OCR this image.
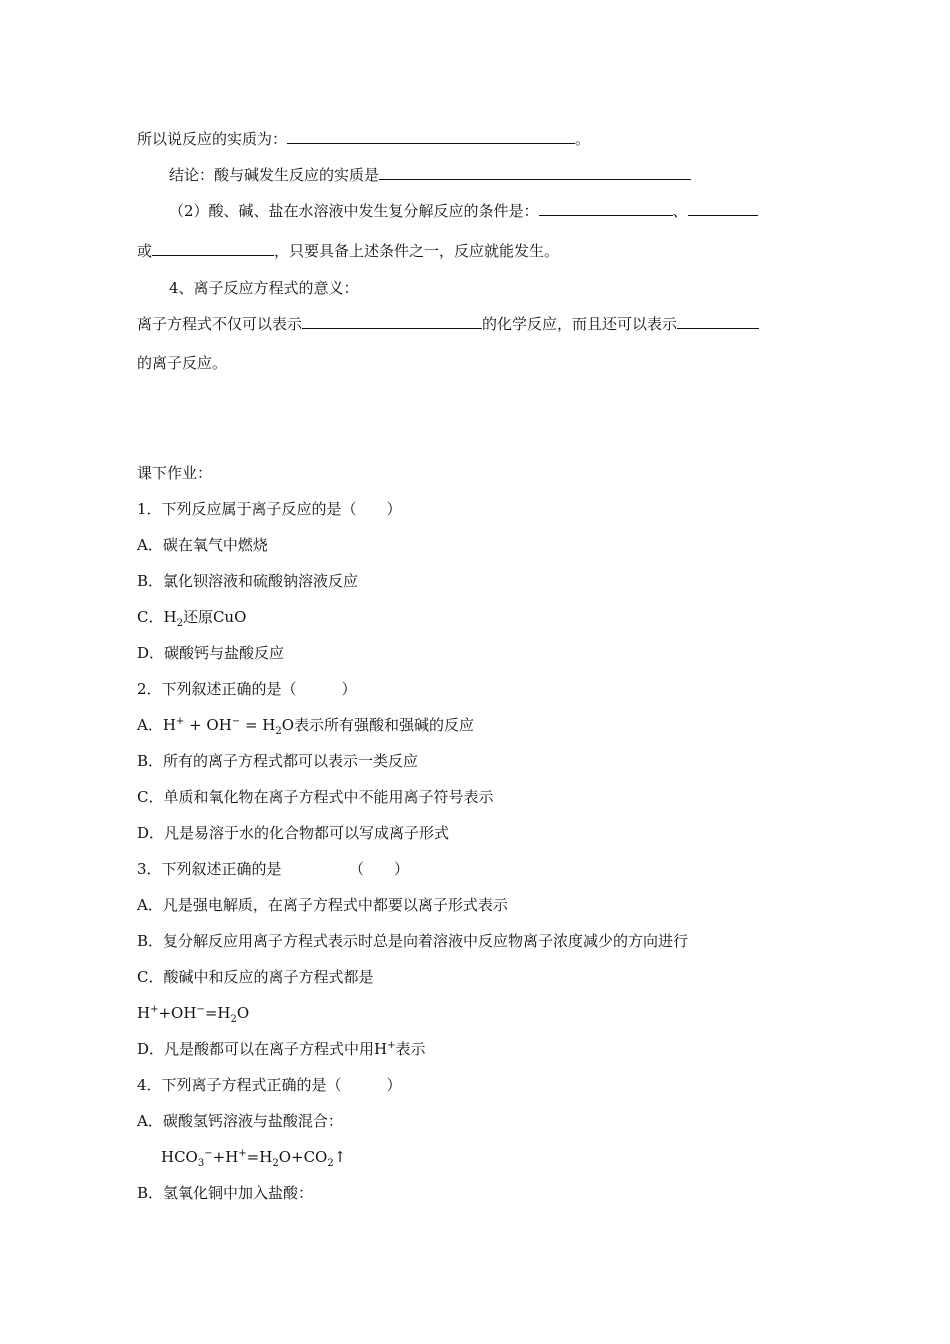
所以说反应的实质为：	。
结论：酸与碱发生反应的实质是
（2）酸、碱、盐在水溶液中发生复分解反应的条件是：	、
或	，只要具备上述条件之一，反应就能发生。
4、离子反应方程式的意义：
离子方程式不仅可以表示	的化学反应，而且还可以表示
的离子反应。
课下作业：
1．下列反应属于离子反应的是（　　）
A．碳在氧气中燃烧
B．氯化钡溶液和硫酸钠溶液反应
C．$H_2$还原CuO
D．碳酸钙与盐酸反应
2．下列叙述正确的是（　　　）
A．$H^+ + OH^- = H_2O$表示所有强酸和强碱的反应
B．所有的离子方程式都可以表示一类反应
C．单质和氧化物在离子方程式中不能用离子符号表示
D．凡是易溶于水的化合物都可以写成离子形式
3．下列叙述正确的是　　　　　（　　）
A．凡是强电解质，在离子方程式中都要以离子形式表示
B．复分解反应用离子方程式表示时总是向着溶液中反应物离子浓度减少的方向进行
C．酸碱中和反应的离子方程式都是
$H^++OH^-=H_2O$
D．凡是酸都可以在离子方程式中用H+表示
4．下列离子方程式正确的是（　　　）
A．碳酸氢钙溶液与盐酸混合：
$HCO_3^-+H^+=H_2O+CO_2↑$
B．氢氧化铜中加入盐酸：
